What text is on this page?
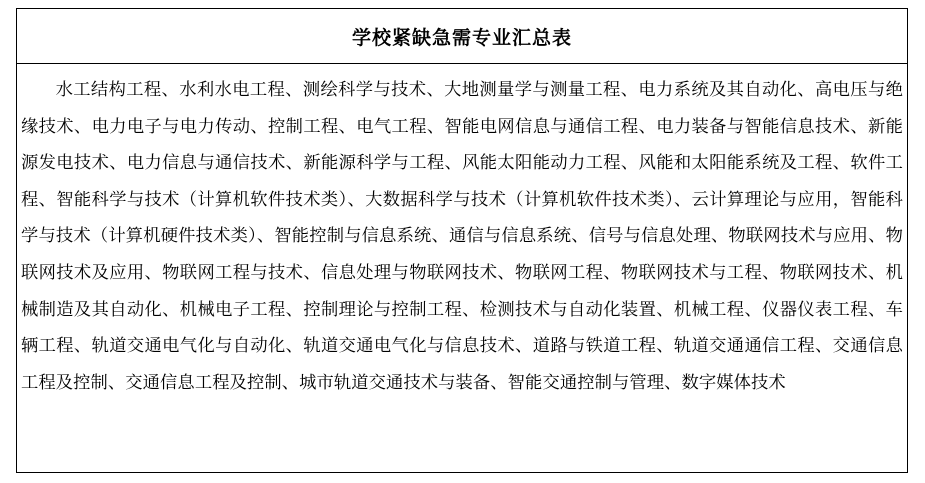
学校紧缺急需专业汇总表

水工结构工程、水利水电工程、测绘科学与技术、大地测量学与测量工程、电力系统及其自动化、高电压与绝缘技术、电力电子与电力传动、控制工程、电气工程、智能电网信息与通信工程、电力装备与智能信息技术、新能源发电技术、电力信息与通信技术、新能源科学与工程、风能太阳能动力工程、风能和太阳能系统及工程、软件工程、智能科学与技术（计算机软件技术类）、大数据科学与技术（计算机软件技术类）、云计算理论与应用，智能科学与技术（计算机硬件技术类）、智能控制与信息系统、通信与信息系统、信号与信息处理、物联网技术与应用、物联网技术及应用、物联网工程与技术、信息处理与物联网技术、物联网工程、物联网技术与工程、物联网技术、机械制造及其自动化、机械电子工程、控制理论与控制工程、检测技术与自动化装置、机械工程、仪器仪表工程、车辆工程、轨道交通电气化与自动化、轨道交通电气化与信息技术、道路与铁道工程、轨道交通通信工程、交通信息工程及控制、交通信息工程及控制、城市轨道交通技术与装备、智能交通控制与管理、数字媒体技术
